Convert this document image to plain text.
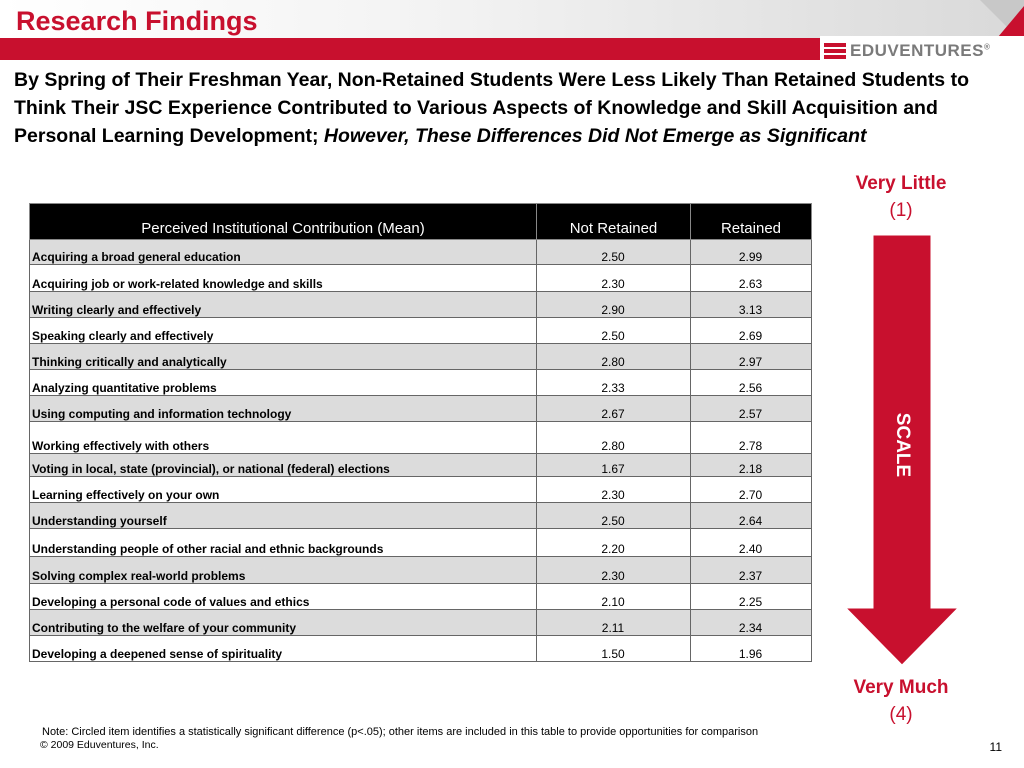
Research Findings
EDUVENTURES®
By Spring of Their Freshman Year, Non-Retained Students Were Less Likely Than Retained Students to Think Their JSC Experience Contributed to Various Aspects of Knowledge and Skill Acquisition and Personal Learning Development; However, These Differences Did Not Emerge as Significant
Very Little
(1)
SCALE
Very Much
(4)
Perceived Institutional Contribution (Mean)	Not Retained	Retained
Acquiring a broad general education	2.50	2.99
Acquiring job or work-related knowledge and skills	2.30	2.63
Writing clearly and effectively	2.90	3.13
Speaking clearly and effectively	2.50	2.69
Thinking critically and analytically	2.80	2.97
Analyzing quantitative problems	2.33	2.56
Using computing and information technology	2.67	2.57
Working effectively with others	2.80	2.78
Voting in local, state (provincial), or national (federal) elections	1.67	2.18
Learning effectively on your own	2.30	2.70
Understanding yourself	2.50	2.64
Understanding people of other racial and ethnic backgrounds	2.20	2.40
Solving complex real-world problems	2.30	2.37
Developing a personal code of values and ethics	2.10	2.25
Contributing to the welfare of your community	2.11	2.34
Developing a deepened sense of spirituality	1.50	1.96
Note: Circled item identifies a statistically significant difference (p<.05); other items are included in this table to provide opportunities for comparison
© 2009 Eduventures, Inc.	11
